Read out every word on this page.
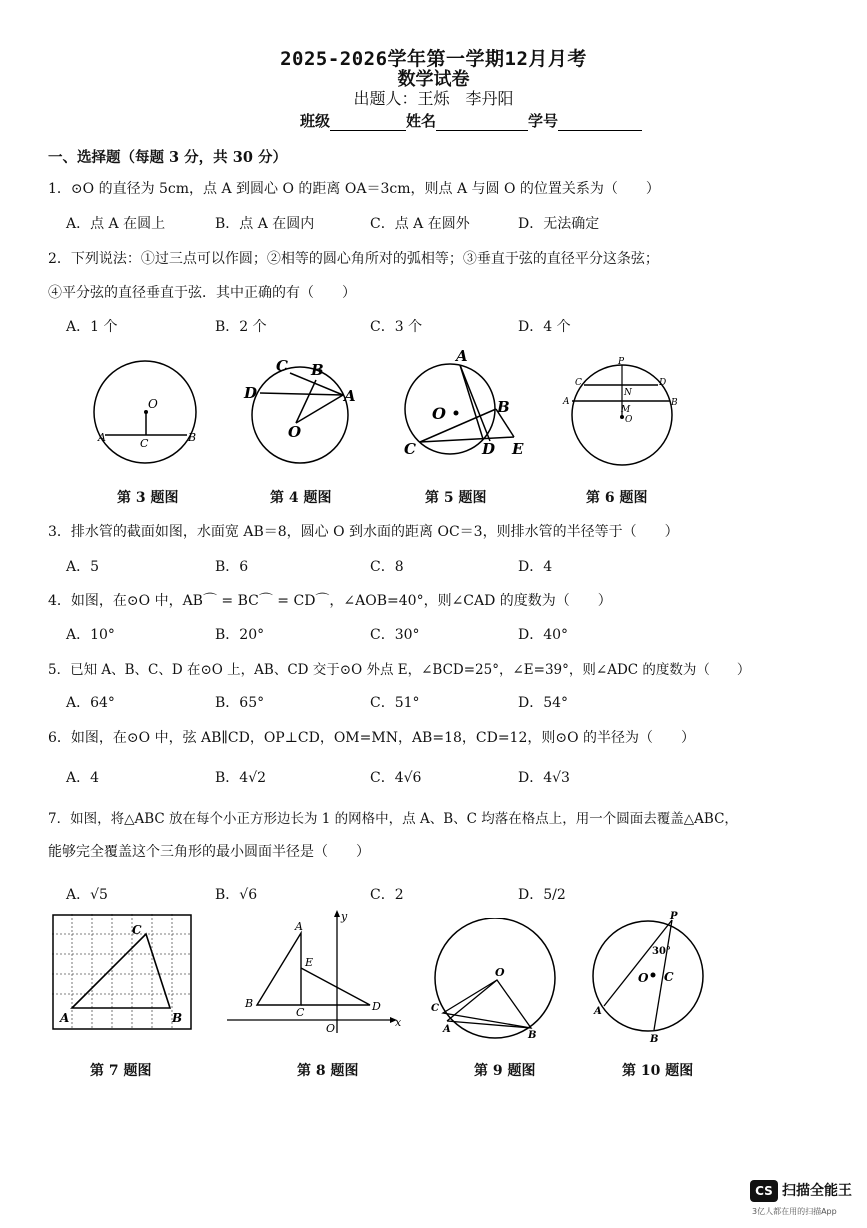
2025-2026学年第一学期12月月考
数学试卷
出题人：王烁　李丹阳
班级	姓名	学号
一、选择题（每题 3 分，共 30 分）
1．⊙O 的直径为 5cm，点 A 到圆心 O 的距离 OA＝3cm，则点 A 与圆 O 的位置关系为（　　）
A．点 A 在圆上	B．点 A 在圆内	C．点 A 在圆外	D．无法确定
2．下列说法：①过三点可以作圆；②相等的圆心角所对的弧相等；③垂直于弦的直径平分这条弦；
④平分弦的直径垂直于弦．其中正确的有（　　）
A．1 个	B．2 个	C．3 个	D．4 个
O
A	C	B
C B
D	A
O
A
O	B
C	D E
P
C
N
D
A	B
M
O
第 3 题图	第 4 题图	第 5 题图	第 6 题图
3．排水管的截面如图，水面宽 AB＝8，圆心 O 到水面的距离 OC＝3，则排水管的半径等于（　　）
A．5	B．6	C．8	D．4
4．如图，在⊙O 中，AB⌒ = BC⌒ = CD⌒，∠AOB=40°，则∠CAD 的度数为（　　）
A．10°	B．20°	C．30°	D．40°
5．已知 A、B、C、D 在⊙O 上，AB、CD 交于⊙O 外点 E，∠BCD=25°，∠E=39°，则∠ADC 的度数为（　　）
A．64°	B．65°	C．51°	D．54°
6．如图，在⊙O 中，弦 AB∥CD，OP⊥CD，OM=MN，AB=18，CD=12，则⊙O 的半径为（　　）
A．4	B．4√2	C．4√6	D．4√3
7．如图，将△ABC 放在每个小正方形边长为 1 的网格中，点 A、B、C 均落在格点上，用一个圆面去覆盖△ABC，
能够完全覆盖这个三角形的最小圆面半径是（　　）
A．√5	B．√6	C．2	D．5/2
C
A	B
y
A
E
B
C	D
O	x
O
C
A
B
P
30°
O C
A
B
第 7 题图	第 8 题图	第 9 题图	第 10 题图
CS 扫描全能王
3亿人都在用的扫描App
